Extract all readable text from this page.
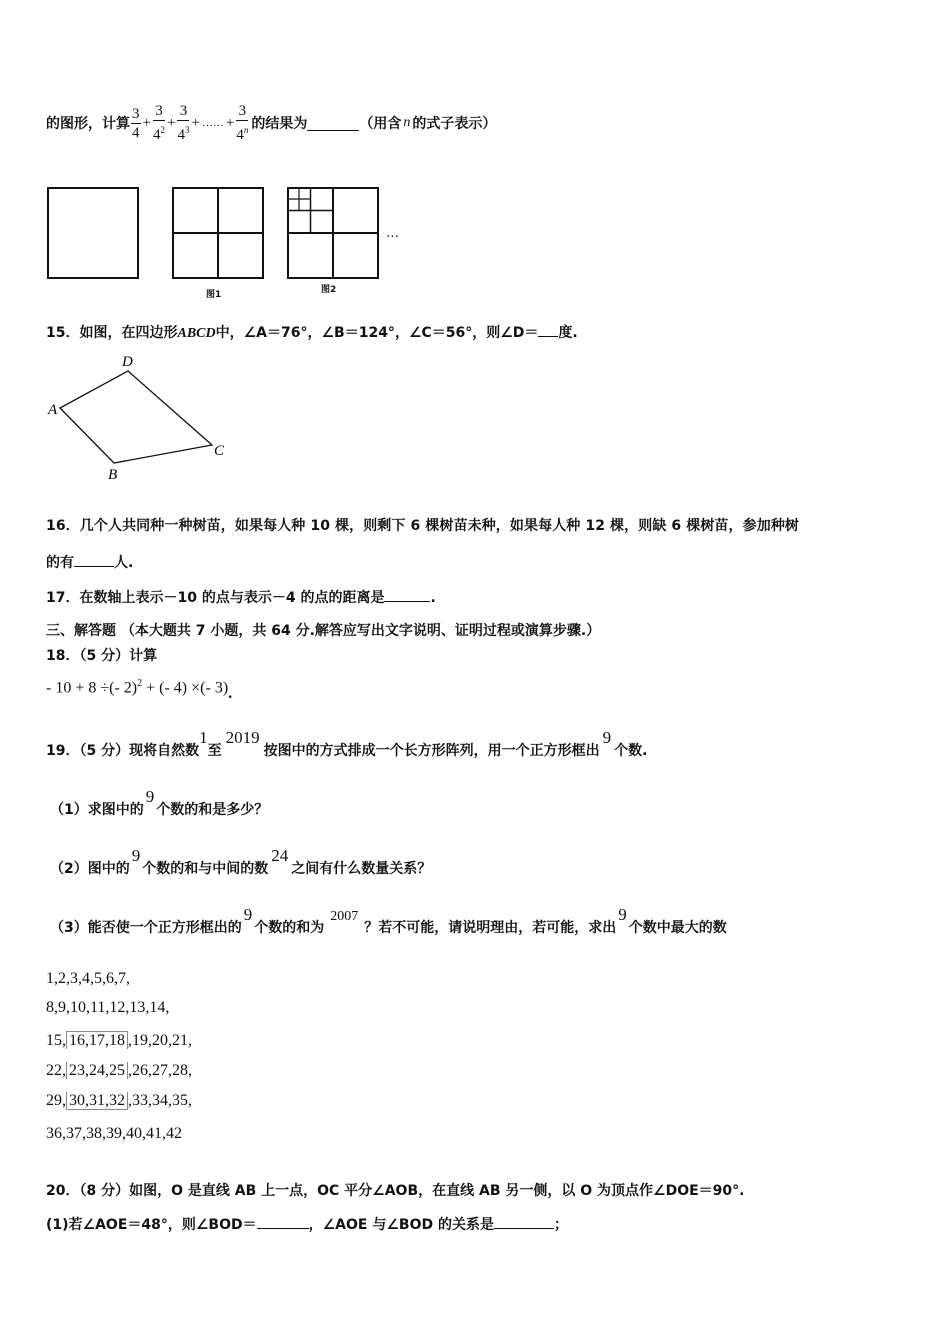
的图形，计算 $\frac{3}{4} + \frac{3}{4^2} + \frac{3}{4^3}$ + …… + $\frac{3}{4^n}$ 的结果为	（用含 n 的式子表示）
…
图1	图2
15．如图，在四边形ABCD中，∠A＝76°，∠B＝124°，∠C＝56°，则∠D＝ 度.
A
D
C
B
16．几个人共同种一种树苗，如果每人种 10 棵，则剩下 6 棵树苗未种，如果每人种 12 棵，则缺 6 棵树苗，参加种树
的有	人.
17．在数轴上表示－10 的点与表示－4 的点的距离是	.
三、解答题 （本大题共 7 小题，共 64 分.解答应写出文字说明、证明过程或演算步骤.）
18．（5 分）计算
- 10 + 8 ÷(- 2)$^2$ + (- 4) ×(- 3).
19．（5 分）现将自然数1至2019按图中的方式排成一个长方形阵列，用一个正方形框出9个数.
（1）求图中的9个数的和是多少？
（2）图中的9个数的和与中间的数24之间有什么数量关系？
（3）能否使一个正方形框出的9个数的和为2007？若不可能，请说明理由，若可能，求出9个数中最大的数
1,2,3,4,5,6,7,
8,9,10,11,12,13,14,
15, 16,17,18 ,19,20,21,
22, 23,24,25 ,26,27,28,
29, 30,31,32 ,33,34,35,
36,37,38,39,40,41,42
20．（8 分）如图，O 是直线 AB 上一点，OC 平分∠AOB，在直线 AB 另一侧，以 O 为顶点作∠DOE＝90°.
(1)若∠AOE＝48°，则∠BOD＝	，∠AOE 与∠BOD 的关系是	；
